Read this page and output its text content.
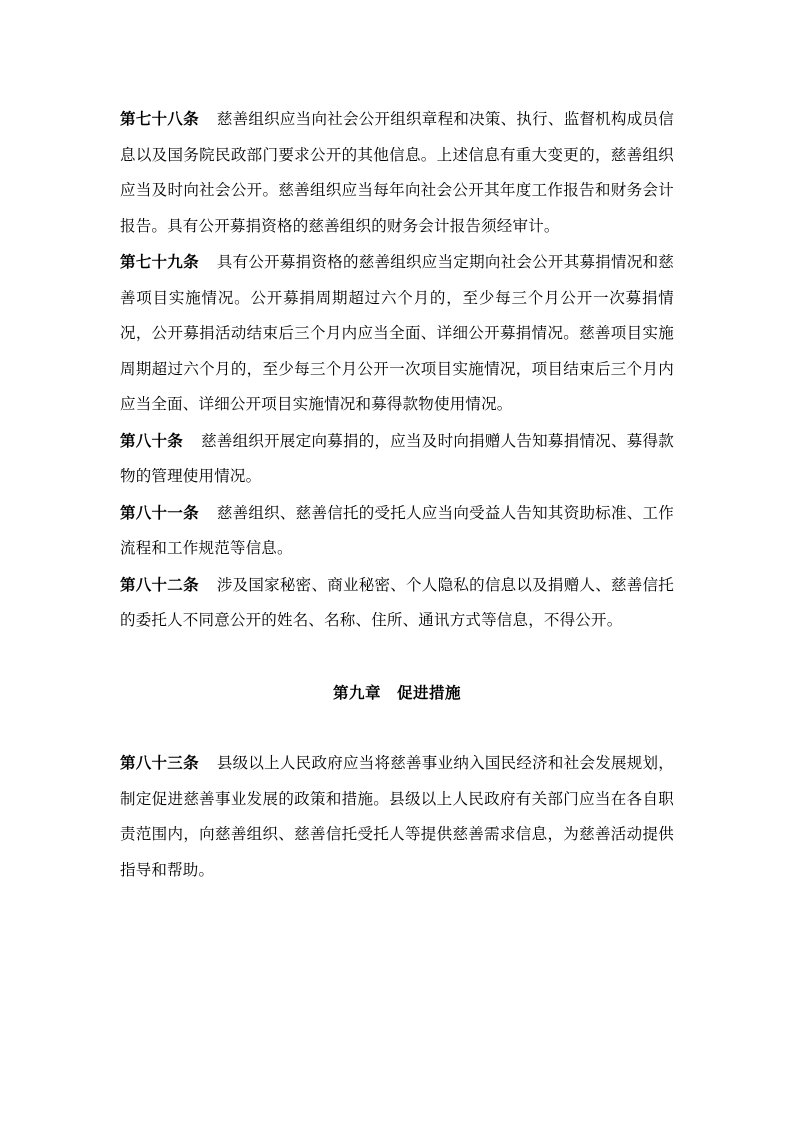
第七十八条 慈善组织应当向社会公开组织章程和决策、执行、监督机构成员信息以及国务院民政部门要求公开的其他信息。上述信息有重大变更的，慈善组织应当及时向社会公开。慈善组织应当每年向社会公开其年度工作报告和财务会计报告。具有公开募捐资格的慈善组织的财务会计报告须经审计。

第七十九条 具有公开募捐资格的慈善组织应当定期向社会公开其募捐情况和慈善项目实施情况。公开募捐周期超过六个月的，至少每三个月公开一次募捐情况，公开募捐活动结束后三个月内应当全面、详细公开募捐情况。慈善项目实施周期超过六个月的，至少每三个月公开一次项目实施情况，项目结束后三个月内应当全面、详细公开项目实施情况和募得款物使用情况。

第八十条 慈善组织开展定向募捐的，应当及时向捐赠人告知募捐情况、募得款物的管理使用情况。

第八十一条 慈善组织、慈善信托的受托人应当向受益人告知其资助标准、工作流程和工作规范等信息。

第八十二条 涉及国家秘密、商业秘密、个人隐私的信息以及捐赠人、慈善信托的委托人不同意公开的姓名、名称、住所、通讯方式等信息，不得公开。

第九章 促进措施

第八十三条 县级以上人民政府应当将慈善事业纳入国民经济和社会发展规划，制定促进慈善事业发展的政策和措施。县级以上人民政府有关部门应当在各自职责范围内，向慈善组织、慈善信托受托人等提供慈善需求信息，为慈善活动提供指导和帮助。
